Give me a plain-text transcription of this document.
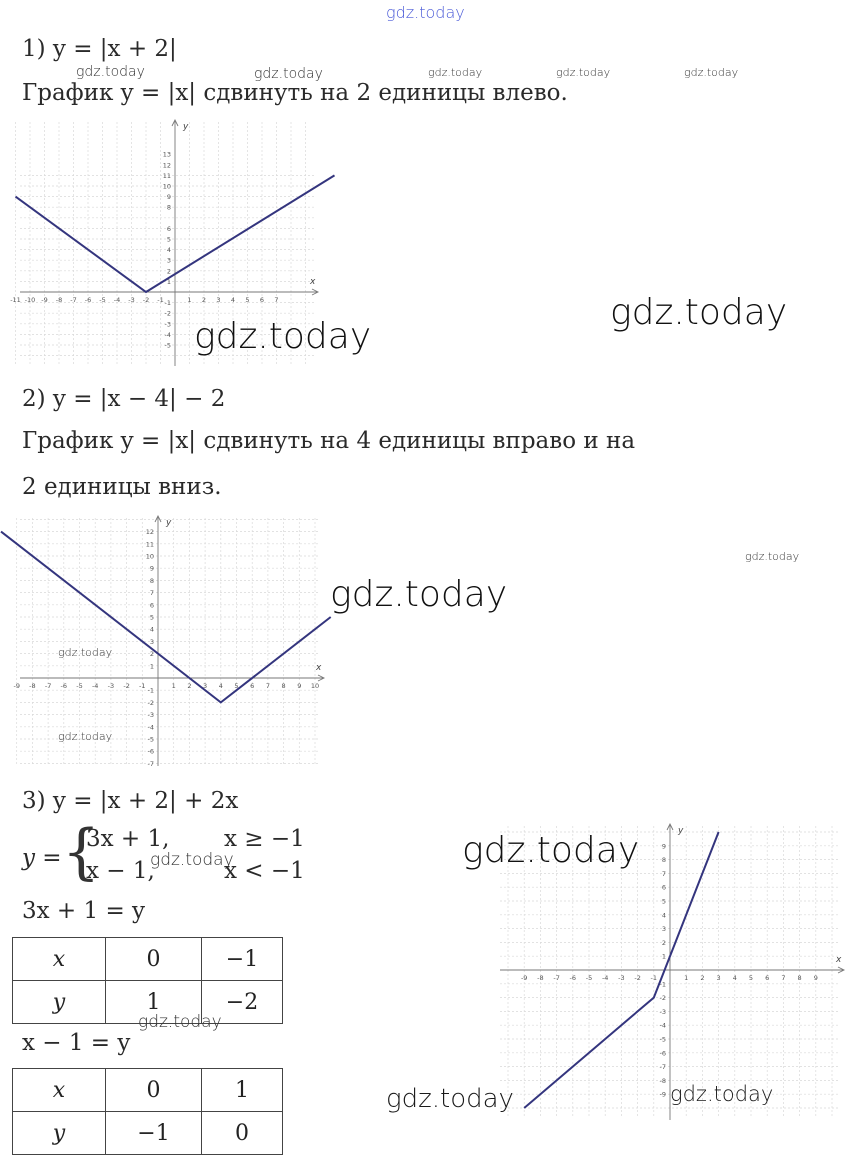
gdz.today
gdz.today	gdz.today	gdz.today	gdz.today	gdz.today
1) y = |x + 2|
График y = |x| сдвинуть на 2 единицы влево.
x
y
-11 -10 -9 -8 -7 -6 -5 -4 -3 -2 -1	1 2 3 4 5 6 7
13
12
11
10
9
8
6
5
4
3
2
1
-1
-2
-3
-4
-5 gdz.today
gdz.today
2) y = |x − 4| − 2
График y = |x| сдвинуть на 4 единицы вправо и на
2 единицы вниз.
x
y
-9 -8 -7 -6 -5 -4 -3 -2 -1	1 2 3 4 5 6 7 8 9 10
12
11
10
9
8
7
6
5
4
3
2
1
-1
-2
-3
-4
-5
-6
-7
gdz.today
gdz.today
gdz.today
gdz.today
3) y = |x + 2| + 2x
y = {
3x + 1, x ≥ −1
x − 1,	x < −1
gdz.today
3x + 1 = y
x	0	−1
y	1	−2
gdz.today
x − 1 = y
x	0	1
y	−1	0
x
y
-9 -8 -7 -6 -5 -4 -3 -2 -1	1 2 3 4 5 6 7 8 9
9
8
7
6
5
4
3
2
1
-1
-2
-3
-4
-5
-6
-7
-8
-9
gdz.today
gdz.today	gdz.today
